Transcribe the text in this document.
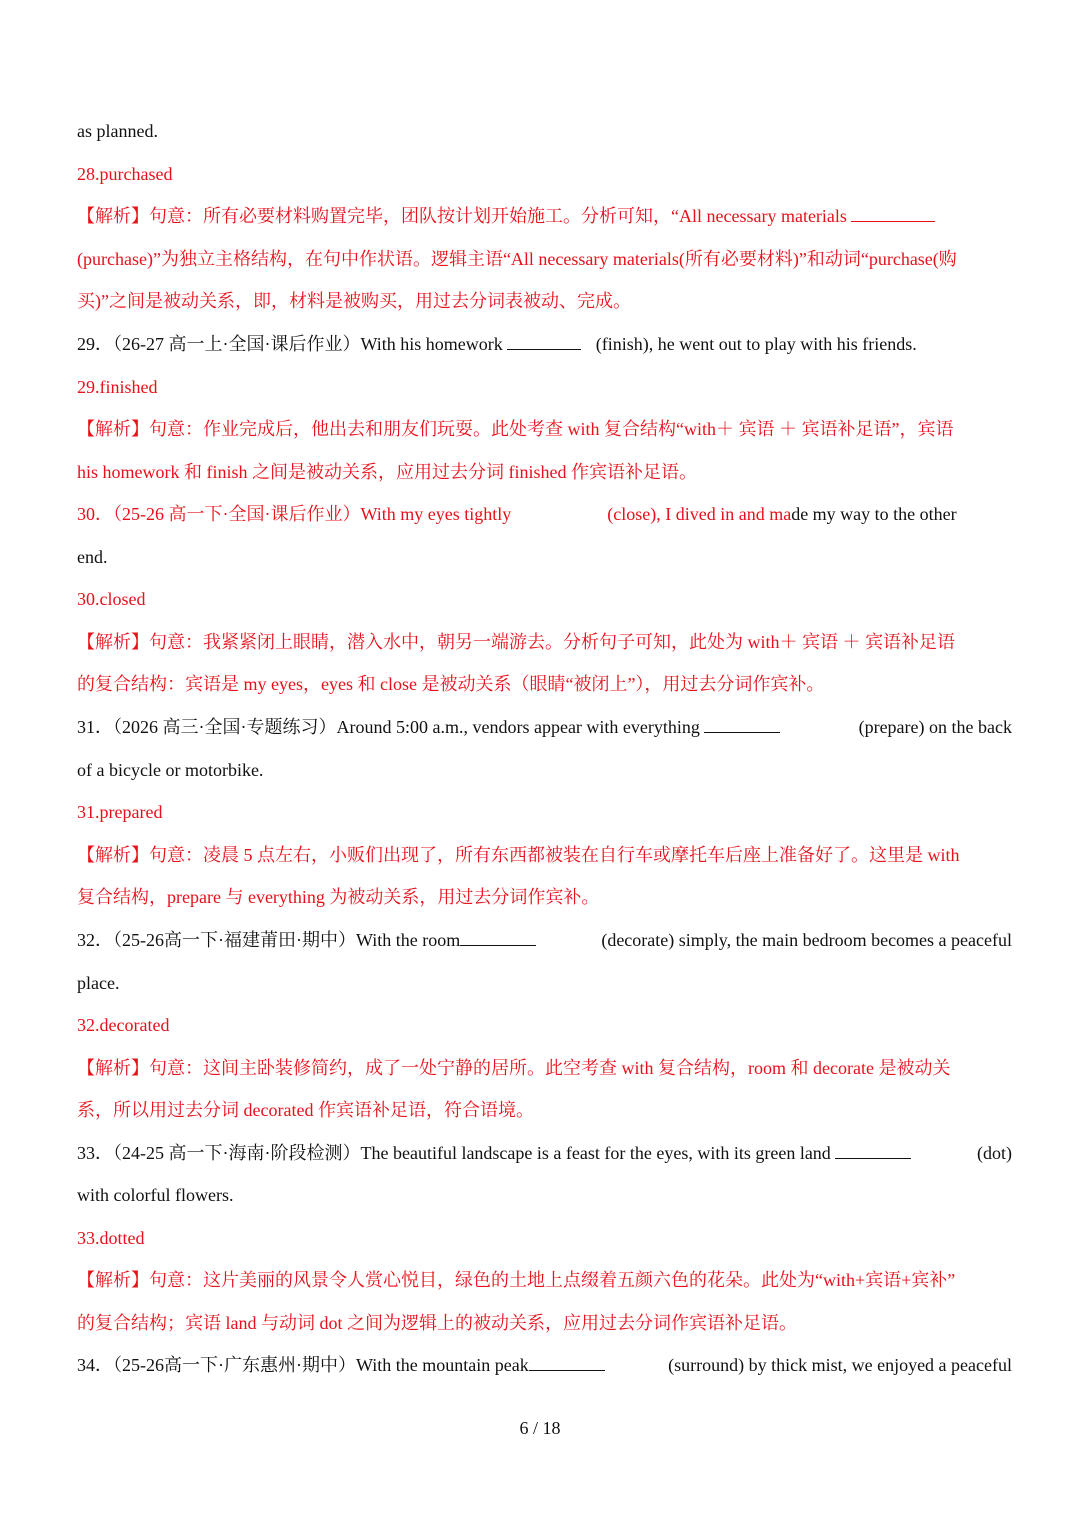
as planned.
28.purchased
【解析】句意：所有必要材料购置完毕，团队按计划开始施工。分析可知，“All necessary materials
(purchase)”为独立主格结构，在句中作状语。逻辑主语“All necessary materials(所有必要材料)”和动词“purchase(购
买)”之间是被动关系，即，材料是被购买，用过去分词表被动、完成。
29．（26-27 高一上·全国·课后作业）With his homework	(finish), he went out to play with his friends.
29.finished
【解析】句意：作业完成后，他出去和朋友们玩耍。此处考查 with 复合结构“with＋ 宾语 ＋ 宾语补足语”，宾语
his homework 和 finish 之间是被动关系，应用过去分词 finished 作宾语补足语。
30．（25-26 高一下·全国·课后作业）With my eyes tightly	(close), I dived in and made my way to the other
end.
30.closed
【解析】句意：我紧紧闭上眼睛，潜入水中，朝另一端游去。分析句子可知，此处为 with＋ 宾语 ＋ 宾语补足语
的复合结构：宾语是 my eyes，eyes 和 close 是被动关系（眼睛“被闭上”），用过去分词作宾补。
31．（2026 高三·全国·专题练习）Around 5:00 a.m., vendors appear with everything	(prepare) on the back
of a bicycle or motorbike.
31.prepared
【解析】句意：凌晨 5 点左右，小贩们出现了，所有东西都被装在自行车或摩托车后座上准备好了。这里是 with
复合结构，prepare 与 everything 为被动关系，用过去分词作宾补。
32．（25-26高一下·福建莆田·期中）With the room	(decorate) simply, the main bedroom becomes a peaceful
place.
32.decorated
【解析】句意：这间主卧装修简约，成了一处宁静的居所。此空考查 with 复合结构，room 和 decorate 是被动关
系，所以用过去分词 decorated 作宾语补足语，符合语境。
33．（24-25 高一下·海南·阶段检测）The beautiful landscape is a feast for the eyes, with its green land	(dot)
with colorful flowers.
33.dotted
【解析】句意：这片美丽的风景令人赏心悦目，绿色的土地上点缀着五颜六色的花朵。此处为“with+宾语+宾补”
的复合结构；宾语 land 与动词 dot 之间为逻辑上的被动关系，应用过去分词作宾语补足语。
34．（25-26高一下·广东惠州·期中）With the mountain peak	(surround) by thick mist, we enjoyed a peaceful
6 / 18
